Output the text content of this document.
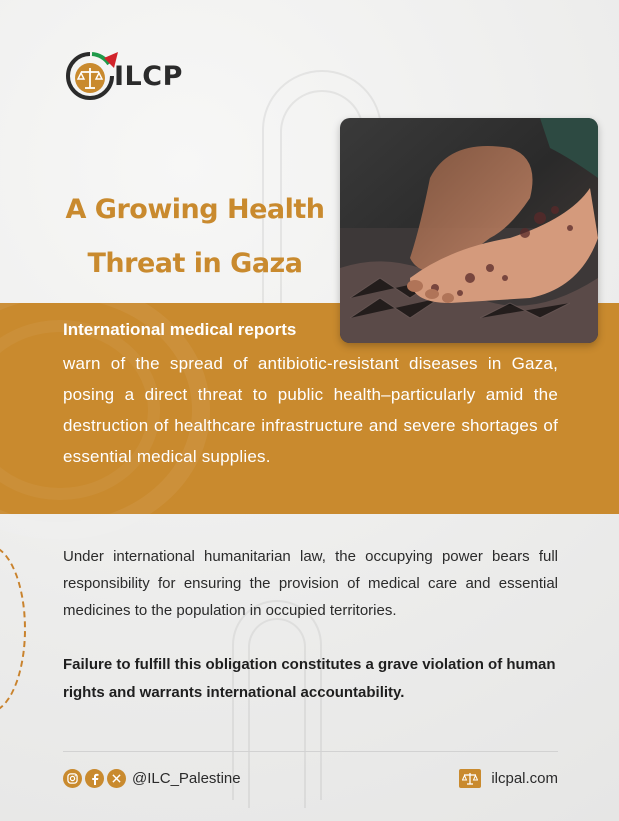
ILCP
A Growing Health
Threat in Gaza
International medical reports

warn of the spread of antibiotic-resistant diseases in Gaza, posing a direct threat to public health–particularly amid the destruction of healthcare infrastructure and severe shortages of essential medical supplies.

Under international humanitarian law, the occupying power bears full responsibility for ensuring the provision of medical care and essential medicines to the population in occupied territories.

Failure to fulfill this obligation constitutes a grave violation of human rights and warrants international accountability.

@ILC_Palestine	ilcpal.com
